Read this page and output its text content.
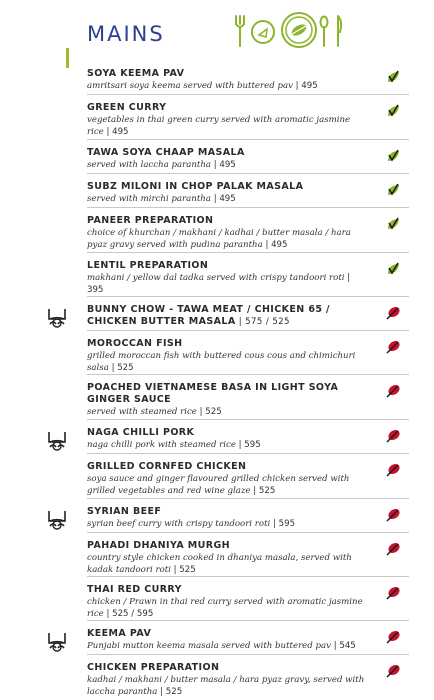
MAINS
SOYA KEEMA PAV
amritsari soya keema served with buttered pav | 495
GREEN CURRY
vegetables in thai green curry served with aromatic jasmine rice | 495
TAWA SOYA CHAAP MASALA
served with laccha parantha | 495
SUBZ MILONI IN CHOP PALAK MASALA
served with mirchi parantha | 495
PANEER PREPARATION
choice of khurchan / makhani / kadhai / butter masala / hara pyaz gravy served with pudina parantha | 495
LENTIL PREPARATION
makhani / yellow dal tadka served with crispy tandoori roti | 395
BUNNY CHOW - TAWA MEAT / CHICKEN 65 / CHICKEN BUTTER MASALA | 575 / 525
MOROCCAN FISH
grilled moroccan fish with buttered cous cous and chimichuri salsa | 525
POACHED VIETNAMESE BASA IN LIGHT SOYA GINGER SAUCE
served with steamed rice | 525
NAGA CHILLI PORK
naga chilli pork with steamed rice | 595
GRILLED CORNFED CHICKEN
soya sauce and ginger flavoured grilled chicken served with grilled vegetables and red wine glaze | 525
SYRIAN BEEF
syrian beef curry with crispy tandoori roti | 595
PAHADI DHANIYA MURGH
country style chicken cooked in dhaniya masala, served with kadak tandoori roti | 525
THAI RED CURRY
chicken / Prawn in thai red curry served with aromatic jasmine rice | 525 / 595
KEEMA PAV
Punjabi mutton keema masala served with buttered pav | 545
CHICKEN PREPARATION
kadhai / makhani / butter masala / hara pyaz gravy, served with laccha parantha | 525
